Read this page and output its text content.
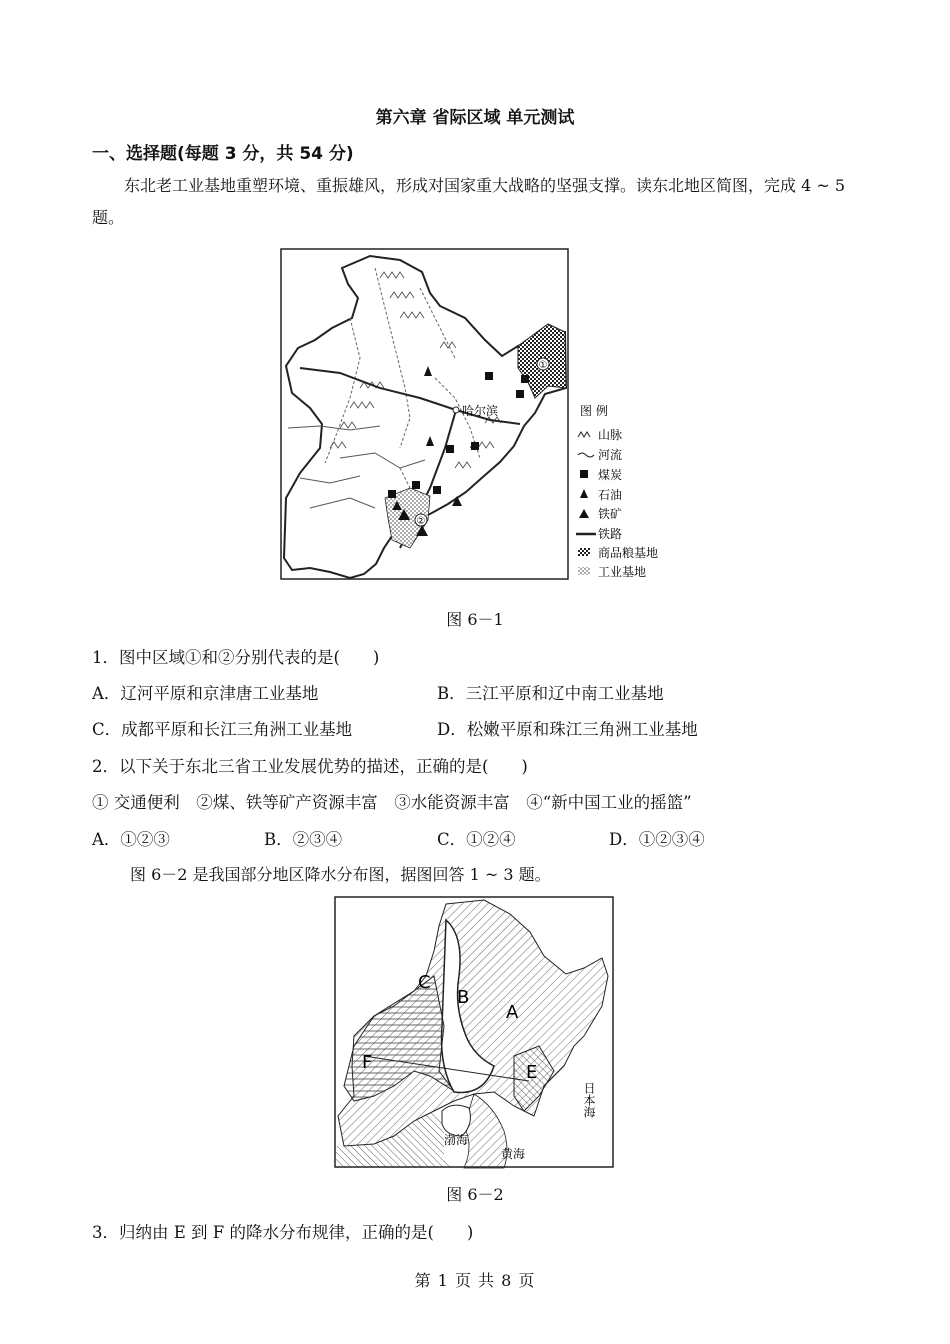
第六章 省际区域 单元测试
一、选择题(每题 3 分，共 54 分)
东北老工业基地重塑环境、重振雄风，形成对国家重大战略的坚强支撑。读东北地区简图，完成 4 ~ 5 题。
①
②
哈尔滨	图 例
山脉
河流
煤炭
石油
铁矿
铁路
商品粮基地
工业基地
图 6－1
1．图中区域①和②分别代表的是(　　)
A．辽河平原和京津唐工业基地	B．三江平原和辽中南工业基地
C．成都平原和长江三角洲工业基地	D．松嫩平原和珠江三角洲工业基地
2．以下关于东北三省工业发展优势的描述，正确的是(　　)
① 交通便利　②煤、铁等矿产资源丰富　③水能资源丰富　④“新中国工业的摇篮”
A．①②③	B．②③④	C．①②④	D．①②③④
图 6－2 是我国部分地区降水分布图，据图回答 1 ~ 3 题。
A
B
C
E
F
日本海
渤海
黄海
图 6－2
3．归纳由 E 到 F 的降水分布规律，正确的是(　　)
第 1 页 共 8 页
